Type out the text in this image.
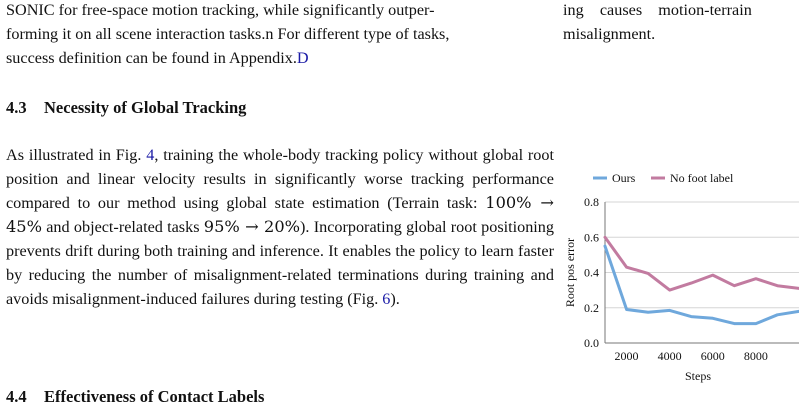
SONIC for free-space motion tracking, while significantly outper-
forming it on all scene interaction tasks.n For different type of tasks,
success definition can be found in Appendix.D

4.3 Necessity of Global Tracking

As illustrated in Fig. 4, training the whole-body tracking policy without global root position and linear velocity results in significantly worse tracking performance compared to our method using global state estimation (Terrain task: 100% → 45% and object-related tasks 95% → 20%). Incorporating global root positioning prevents drift during both training and inference. It enables the policy to learn faster by reducing the number of misalignment-related terminations during training and avoids misalignment-induced failures during testing (Fig. 6).

4.4 Effectiveness of Contact Labels

ing    causes    motion-terrain
misalignment.

0.0
0.2
0.4
0.6
0.8
2000 4000 6000 8000
Steps
Root pos error
Ours	No foot label
